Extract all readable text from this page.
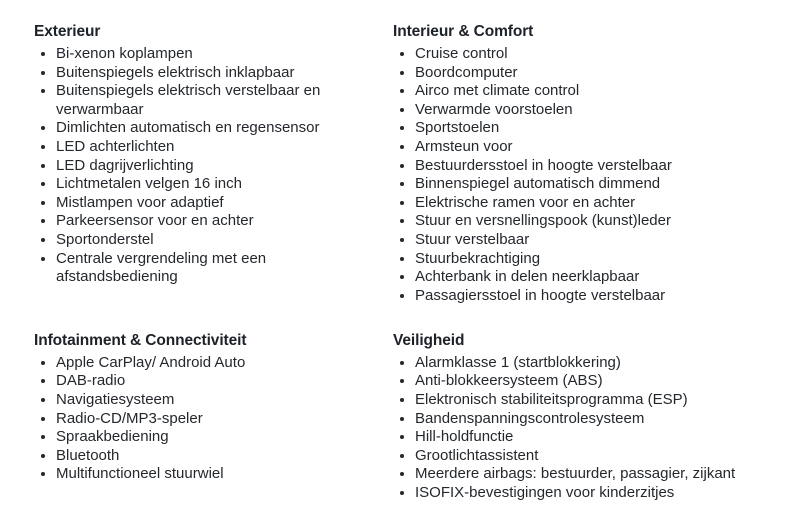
Exterieur
• Bi-xenon koplampen
• Buitenspiegels elektrisch inklapbaar
• Buitenspiegels elektrisch verstelbaar en verwarmbaar
• Dimlichten automatisch en regensensor
• LED achterlichten
• LED dagrijverlichting
• Lichtmetalen velgen 16 inch
• Mistlampen voor adaptief
• Parkeersensor voor en achter
• Sportonderstel
• Centrale vergrendeling met een afstandsbediening
Interieur & Comfort
• Cruise control
• Boordcomputer
• Airco met climate control
• Verwarmde voorstoelen
• Sportstoelen
• Armsteun voor
• Bestuurdersstoel in hoogte verstelbaar
• Binnenspiegel automatisch dimmend
• Elektrische ramen voor en achter
• Stuur en versnellingspook (kunst)leder
• Stuur verstelbaar
• Stuurbekrachtiging
• Achterbank in delen neerklapbaar
• Passagiersstoel in hoogte verstelbaar
Infotainment & Connectiviteit
• Apple CarPlay/ Android Auto
• DAB-radio
• Navigatiesysteem
• Radio-CD/MP3-speler
• Spraakbediening
• Bluetooth
• Multifunctioneel stuurwiel
Veiligheid
• Alarmklasse 1 (startblokkering)
• Anti-blokkeersysteem (ABS)
• Elektronisch stabiliteitsprogramma (ESP)
• Bandenspanningscontrolesysteem
• Hill-holdfunctie
• Grootlichtassistent
• Meerdere airbags: bestuurder, passagier, zijkant
• ISOFIX-bevestigingen voor kinderzitjes
